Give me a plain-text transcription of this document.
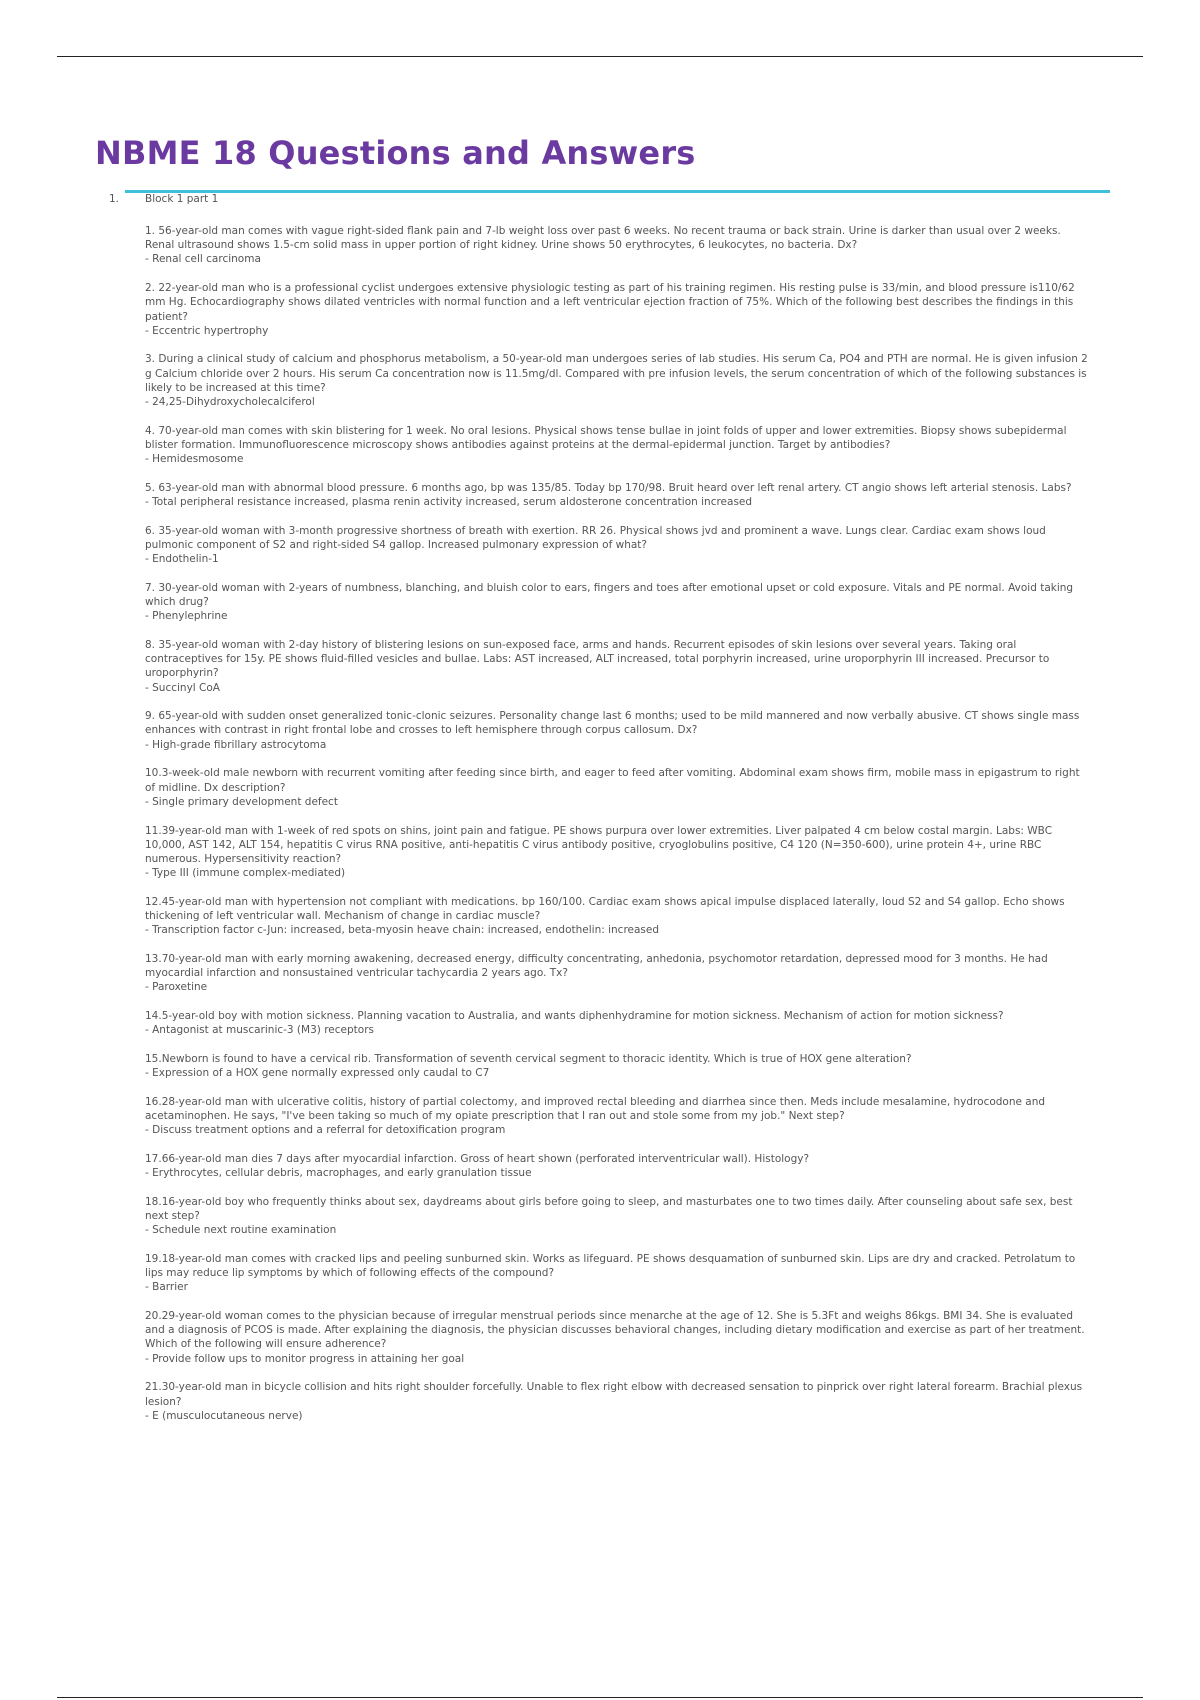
NBME 18 Questions and Answers
1. Block 1 part 1
1. 56-year-old man comes with vague right-sided flank pain and 7-lb weight loss over past 6 weeks. No recent trauma or back strain. Urine is darker than usual over 2 weeks. Renal ultrasound shows 1.5-cm solid mass in upper portion of right kidney. Urine shows 50 erythrocytes, 6 leukocytes, no bacteria. Dx?
- Renal cell carcinoma
2. 22-year-old man who is a professional cyclist undergoes extensive physiologic testing as part of his training regimen. His resting pulse is 33/min, and blood pressure is110/62 mm Hg. Echocardiography shows dilated ventricles with normal function and a left ventricular ejection fraction of 75%. Which of the following best describes the findings in this patient?
- Eccentric hypertrophy
3. During a clinical study of calcium and phosphorus metabolism, a 50-year-old man undergoes series of lab studies. His serum Ca, PO4 and PTH are normal. He is given infusion 2 g Calcium chloride over 2 hours. His serum Ca concentration now is 11.5mg/dl. Compared with pre infusion levels, the serum concentration of which of the following substances is likely to be increased at this time?
- 24,25-Dihydroxycholecalciferol
4. 70-year-old man comes with skin blistering for 1 week. No oral lesions. Physical shows tense bullae in joint folds of upper and lower extremities. Biopsy shows subepidermal blister formation. Immunofluorescence microscopy shows antibodies against proteins at the dermal-epidermal junction. Target by antibodies?
- Hemidesmosome
5. 63-year-old man with abnormal blood pressure. 6 months ago, bp was 135/85. Today bp 170/98. Bruit heard over left renal artery. CT angio shows left arterial stenosis. Labs?
- Total peripheral resistance increased, plasma renin activity increased, serum aldosterone concentration increased
6. 35-year-old woman with 3-month progressive shortness of breath with exertion. RR 26. Physical shows jvd and prominent a wave. Lungs clear. Cardiac exam shows loud pulmonic component of S2 and right-sided S4 gallop. Increased pulmonary expression of what?
- Endothelin-1
7. 30-year-old woman with 2-years of numbness, blanching, and bluish color to ears, fingers and toes after emotional upset or cold exposure. Vitals and PE normal. Avoid taking which drug?
- Phenylephrine
8. 35-year-old woman with 2-day history of blistering lesions on sun-exposed face, arms and hands. Recurrent episodes of skin lesions over several years. Taking oral contraceptives for 15y. PE shows fluid-filled vesicles and bullae. Labs: AST increased, ALT increased, total porphyrin increased, urine uroporphyrin III increased. Precursor to uroporphyrin?
- Succinyl CoA
9. 65-year-old with sudden onset generalized tonic-clonic seizures. Personality change last 6 months; used to be mild mannered and now verbally abusive. CT shows single mass enhances with contrast in right frontal lobe and crosses to left hemisphere through corpus callosum. Dx?
- High-grade fibrillary astrocytoma
10.3-week-old male newborn with recurrent vomiting after feeding since birth, and eager to feed after vomiting. Abdominal exam shows firm, mobile mass in epigastrum to right of midline. Dx description?
- Single primary development defect
11.39-year-old man with 1-week of red spots on shins, joint pain and fatigue. PE shows purpura over lower extremities. Liver palpated 4 cm below costal margin. Labs: WBC 10,000, AST 142, ALT 154, hepatitis C virus RNA positive, anti-hepatitis C virus antibody positive, cryoglobulins positive, C4 120 (N=350-600), urine protein 4+, urine RBC numerous. Hypersensitivity reaction?
- Type III (immune complex-mediated)
12.45-year-old man with hypertension not compliant with medications. bp 160/100. Cardiac exam shows apical impulse displaced laterally, loud S2 and S4 gallop. Echo shows thickening of left ventricular wall. Mechanism of change in cardiac muscle?
- Transcription factor c-Jun: increased, beta-myosin heave chain: increased, endothelin: increased
13.70-year-old man with early morning awakening, decreased energy, difficulty concentrating, anhedonia, psychomotor retardation, depressed mood for 3 months. He had myocardial infarction and nonsustained ventricular tachycardia 2 years ago. Tx?
- Paroxetine
14.5-year-old boy with motion sickness. Planning vacation to Australia, and wants diphenhydramine for motion sickness. Mechanism of action for motion sickness?
- Antagonist at muscarinic-3 (M3) receptors
15.Newborn is found to have a cervical rib. Transformation of seventh cervical segment to thoracic identity. Which is true of HOX gene alteration?
- Expression of a HOX gene normally expressed only caudal to C7
16.28-year-old man with ulcerative colitis, history of partial colectomy, and improved rectal bleeding and diarrhea since then. Meds include mesalamine, hydrocodone and acetaminophen. He says, "I've been taking so much of my opiate prescription that I ran out and stole some from my job." Next step?
- Discuss treatment options and a referral for detoxification program
17.66-year-old man dies 7 days after myocardial infarction. Gross of heart shown (perforated interventricular wall). Histology?
- Erythrocytes, cellular debris, macrophages, and early granulation tissue
18.16-year-old boy who frequently thinks about sex, daydreams about girls before going to sleep, and masturbates one to two times daily. After counseling about safe sex, best next step?
- Schedule next routine examination
19.18-year-old man comes with cracked lips and peeling sunburned skin. Works as lifeguard. PE shows desquamation of sunburned skin. Lips are dry and cracked. Petrolatum to lips may reduce lip symptoms by which of following effects of the compound?
- Barrier
20.29-year-old woman comes to the physician because of irregular menstrual periods since menarche at the age of 12. She is 5.3Ft and weighs 86kgs. BMI 34. She is evaluated and a diagnosis of PCOS is made. After explaining the diagnosis, the physician discusses behavioral changes, including dietary modification and exercise as part of her treatment. Which of the following will ensure adherence?
- Provide follow ups to monitor progress in attaining her goal
21.30-year-old man in bicycle collision and hits right shoulder forcefully. Unable to flex right elbow with decreased sensation to pinprick over right lateral forearm. Brachial plexus lesion?
- E (musculocutaneous nerve)
